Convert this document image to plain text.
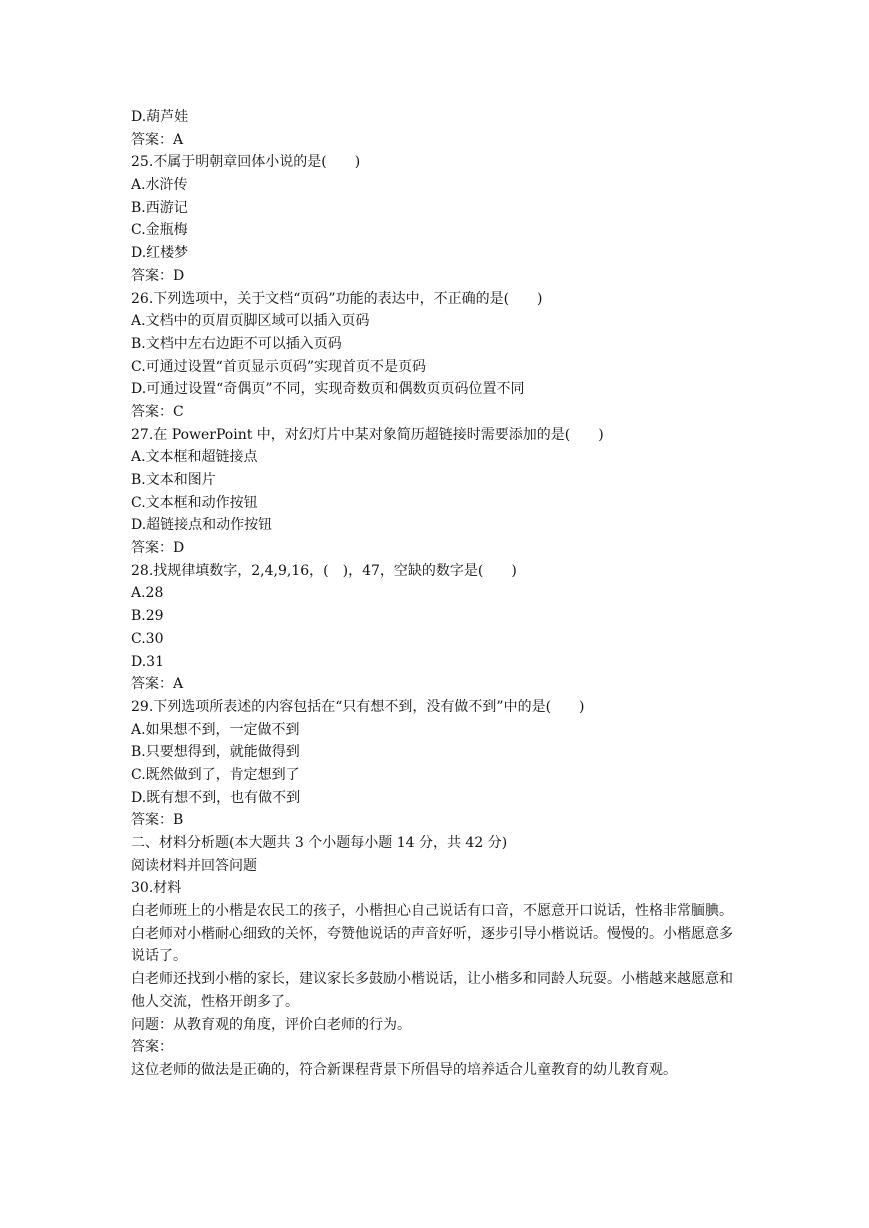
D.葫芦娃
答案：A
25.不属于明朝章回体小说的是(　　)
A.水浒传
B.西游记
C.金瓶梅
D.红楼梦
答案：D
26.下列选项中，关于文档“页码”功能的表达中，不正确的是(　　)
A.文档中的页眉页脚区域可以插入页码
B.文档中左右边距不可以插入页码
C.可通过设置“首页显示页码”实现首页不是页码
D.可通过设置“奇偶页”不同，实现奇数页和偶数页页码位置不同
答案：C
27.在 PowerPoint 中，对幻灯片中某对象简历超链接时需要添加的是(　　)
A.文本框和超链接点
B.文本和图片
C.文本框和动作按钮
D.超链接点和动作按钮
答案：D
28.找规律填数字，2,4,9,16，(　)，47，空缺的数字是(　　)
A.28
B.29
C.30
D.31
答案：A
29.下列选项所表述的内容包括在“只有想不到，没有做不到”中的是(　　)
A.如果想不到，一定做不到
B.只要想得到，就能做得到
C.既然做到了，肯定想到了
D.既有想不到，也有做不到
答案：B
二、材料分析题(本大题共 3 个小题每小题 14 分，共 42 分)
阅读材料并回答问题
30.材料
白老师班上的小楷是农民工的孩子，小楷担心自己说话有口音，不愿意开口说话，性格非常腼腆。
白老师对小楷耐心细致的关怀，夸赞他说话的声音好听，逐步引导小楷说话。慢慢的。小楷愿意多说话了。
白老师还找到小楷的家长，建议家长多鼓励小楷说话，让小楷多和同龄人玩耍。小楷越来越愿意和他人交流，性格开朗多了。
问题：从教育观的角度，评价白老师的行为。
答案：
这位老师的做法是正确的，符合新课程背景下所倡导的培养适合儿童教育的幼儿教育观。
